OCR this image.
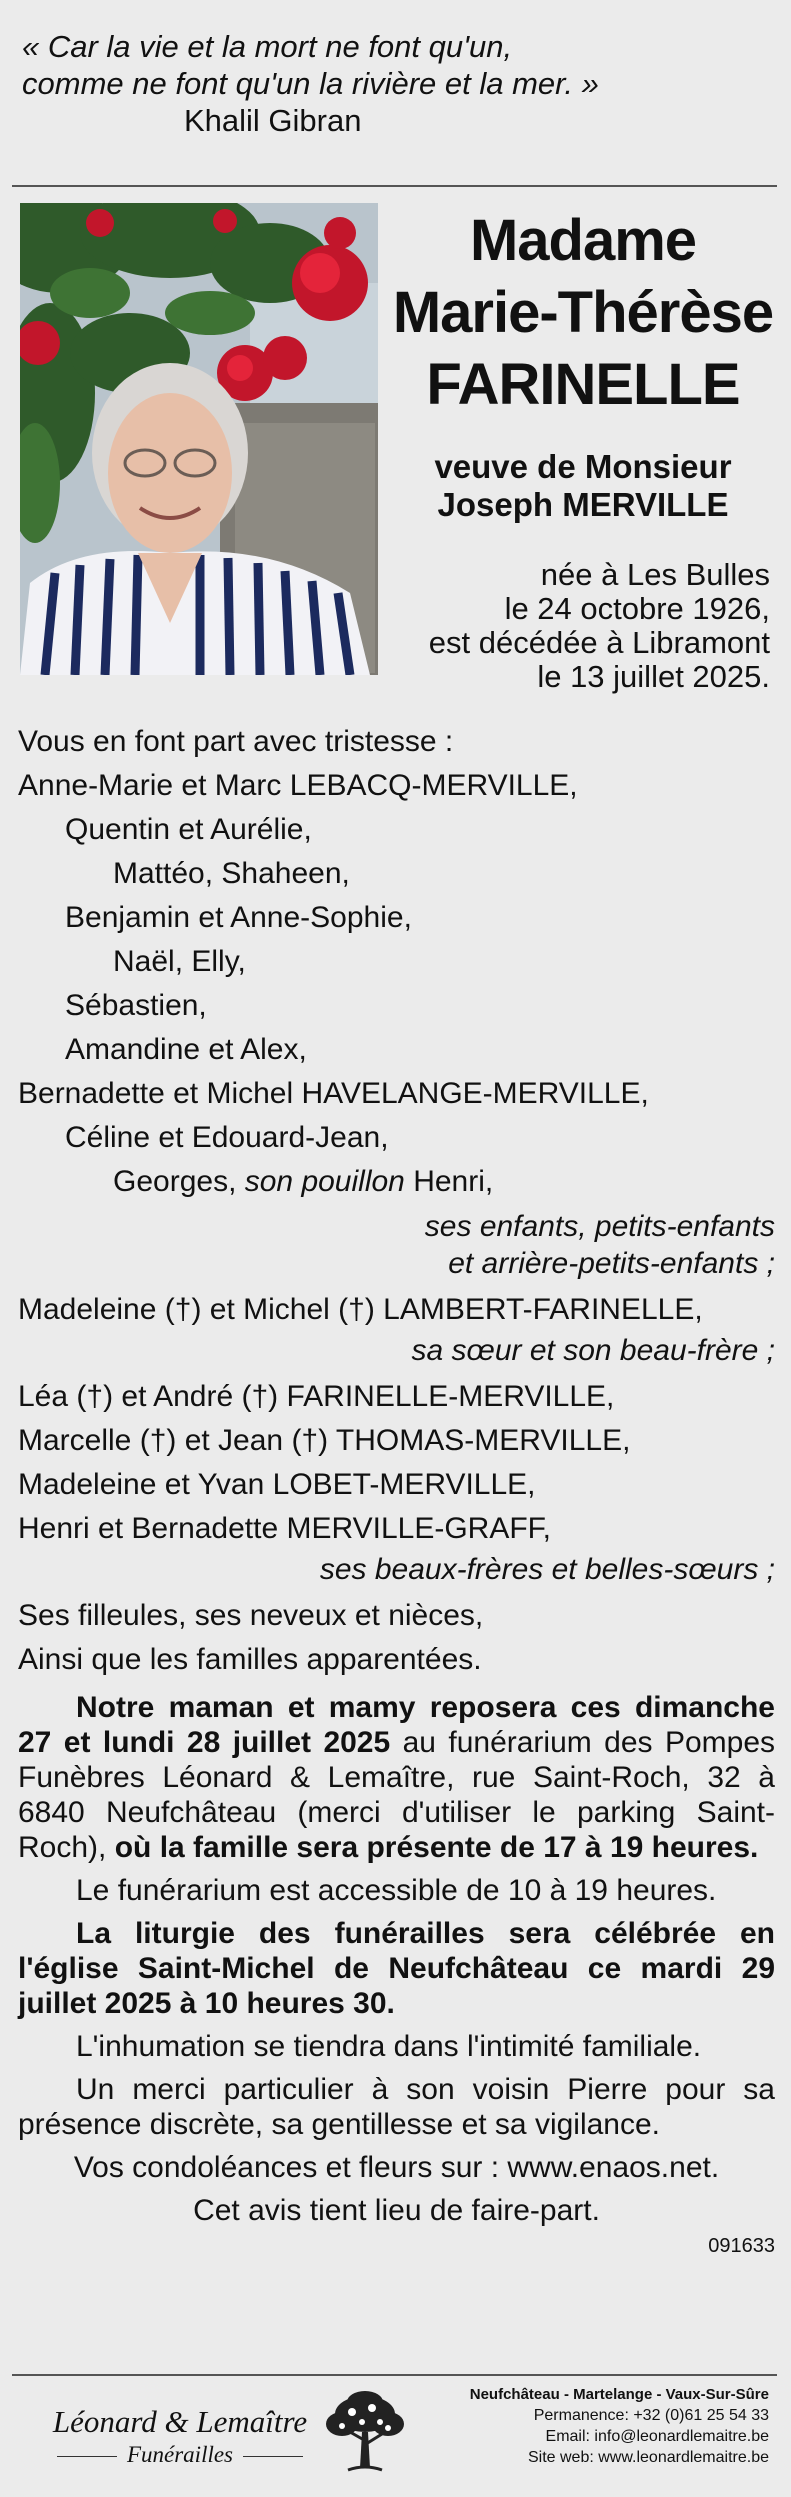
« Car la vie et la mort ne font qu'un,
comme ne font qu'un la rivière et la mer. »
Khalil Gibran
Madame
Marie-Thérèse
FARINELLE
veuve de Monsieur
Joseph MERVILLE
née à Les Bulles
le 24 octobre 1926,
est décédée à Libramont
le 13 juillet 2025.
Vous en font part avec tristesse :
Anne-Marie et Marc LEBACQ-MERVILLE,
Quentin et Aurélie,
Mattéo, Shaheen,
Benjamin et Anne-Sophie,
Naël, Elly,
Sébastien,
Amandine et Alex,
Bernadette et Michel HAVELANGE-MERVILLE,
Céline et Edouard-Jean,
Georges, son pouillon Henri,
ses enfants, petits-enfants
et arrière-petits-enfants ;
Madeleine (†) et Michel (†) LAMBERT-FARINELLE,
sa sœur et son beau-frère ;
Léa (†) et André (†) FARINELLE-MERVILLE,
Marcelle (†) et Jean (†) THOMAS-MERVILLE,
Madeleine et Yvan LOBET-MERVILLE,
Henri et Bernadette MERVILLE-GRAFF,
ses beaux-frères et belles-sœurs ;
Ses filleules, ses neveux et nièces,
Ainsi que les familles apparentées.
Notre maman et mamy reposera ces dimanche 27 et lundi 28 juillet 2025 au funérarium des Pompes Funèbres Léonard & Lemaître, rue Saint-Roch, 32 à 6840 Neufchâteau (merci d'utiliser le parking Saint-Roch), où la famille sera présente de 17 à 19 heures.
Le funérarium est accessible de 10 à 19 heures.
La liturgie des funérailles sera célébrée en l'église Saint-Michel de Neufchâteau ce mardi 29 juillet 2025 à 10 heures 30.
L'inhumation se tiendra dans l'intimité familiale.
Un merci particulier à son voisin Pierre pour sa présence discrète, sa gentillesse et sa vigilance.
Vos condoléances et fleurs sur : www.enaos.net.
Cet avis tient lieu de faire-part.
091633
Léonard & Lemaître
Funérailles
Neufchâteau - Martelange - Vaux-Sur-Sûre
Permanence: +32 (0)61 25 54 33
Email: info@leonardlemaitre.be
Site web: www.leonardlemaitre.be
